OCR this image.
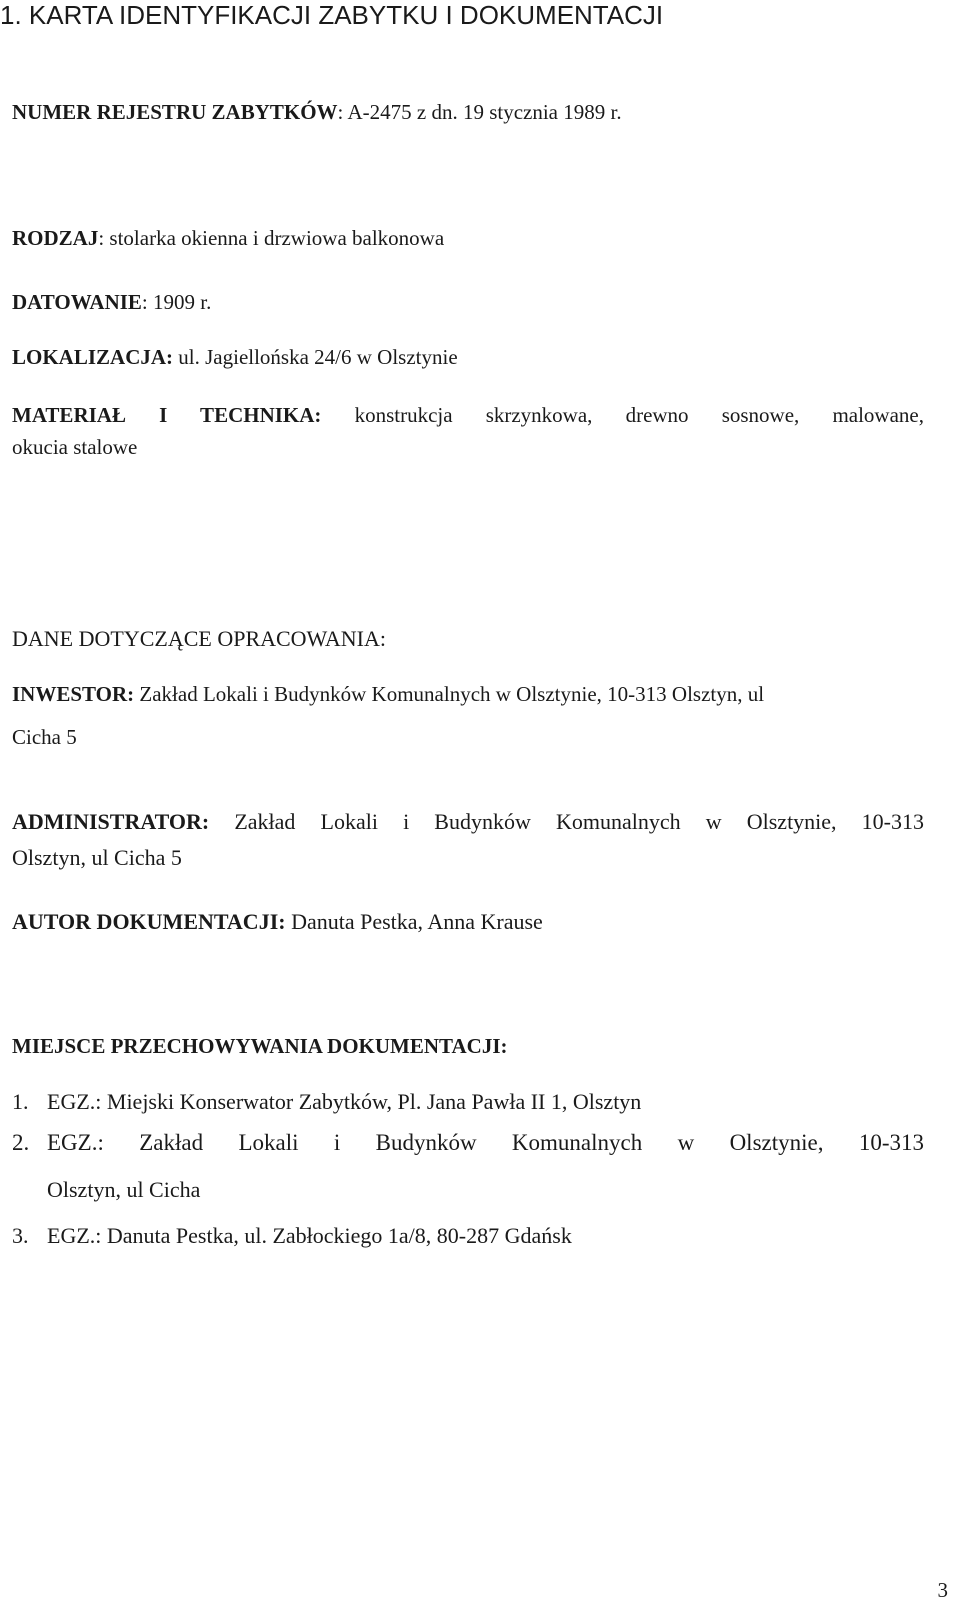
1. KARTA IDENTYFIKACJI ZABYTKU I DOKUMENTACJI
NUMER REJESTRU ZABYTKÓW: A-2475 z dn. 19 stycznia 1989 r.
RODZAJ: stolarka okienna i drzwiowa balkonowa
DATOWANIE: 1909 r.
LOKALIZACJA: ul. Jagiellońska 24/6 w Olsztynie
MATERIAŁ I TECHNIKA: konstrukcja skrzynkowa, drewno sosnowe, malowane,
okucia stalowe
DANE DOTYCZĄCE OPRACOWANIA:
INWESTOR: Zakład Lokali i Budynków Komunalnych w Olsztynie, 10-313 Olsztyn, ul
Cicha 5
ADMINISTRATOR: Zakład Lokali i Budynków Komunalnych w Olsztynie, 10-313
Olsztyn, ul Cicha 5
AUTOR DOKUMENTACJI: Danuta Pestka, Anna Krause
MIEJSCE PRZECHOWYWANIA DOKUMENTACJI:
1. EGZ.: Miejski Konserwator Zabytków, Pl. Jana Pawła II 1, Olsztyn
2. EGZ.: Zakład Lokali i Budynków Komunalnych w Olsztynie, 10-313
Olsztyn, ul Cicha
3. EGZ.: Danuta Pestka, ul. Zabłockiego 1a/8, 80-287 Gdańsk
3
